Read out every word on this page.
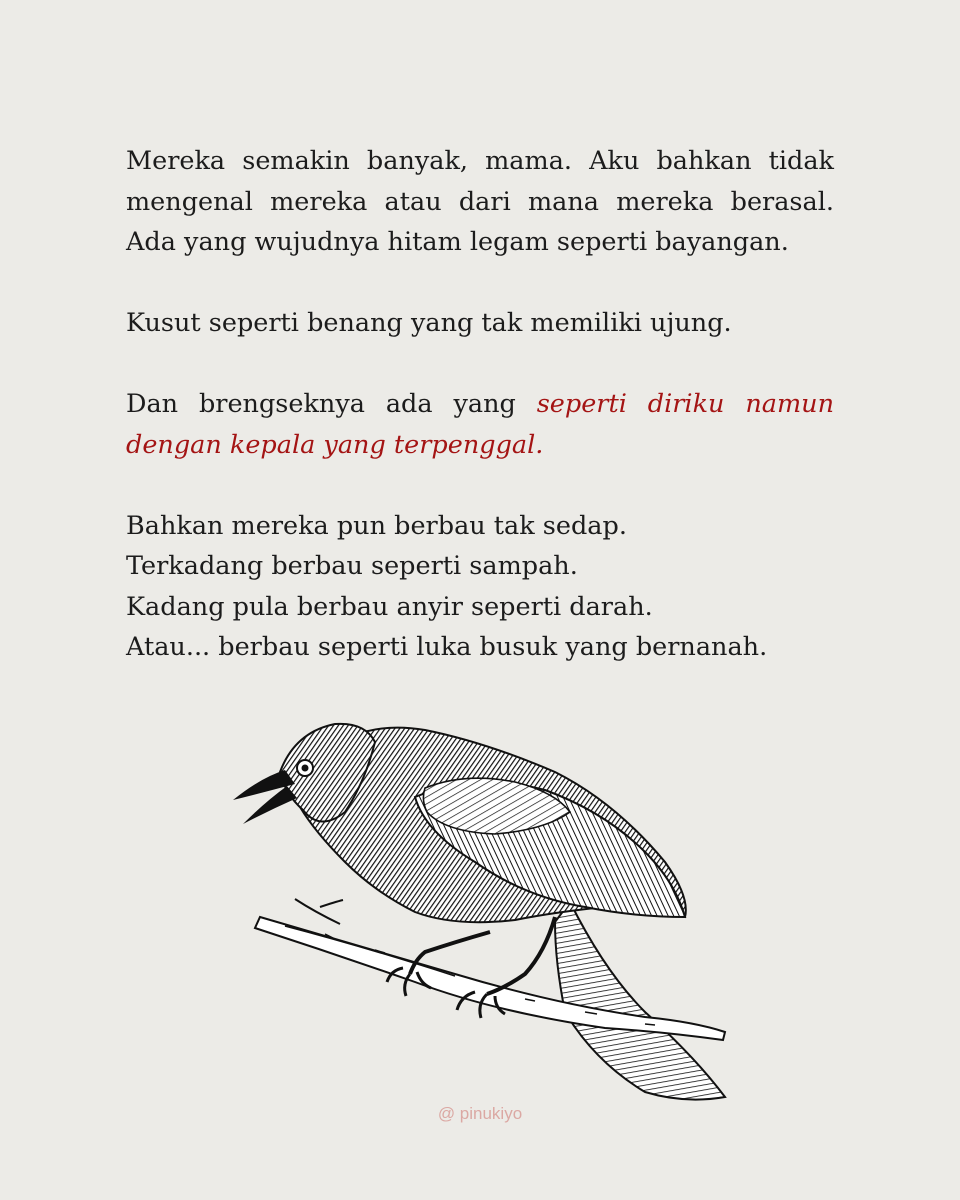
Mereka semakin banyak, mama. Aku bahkan tidak
mengenal mereka atau dari mana mereka berasal.
Ada yang wujudnya hitam legam seperti bayangan.

Kusut seperti benang yang tak memiliki ujung.

Dan brengseknya ada yang seperti diriku namun
dengan kepala yang terpenggal.

Bahkan mereka pun berbau tak sedap.
Terkadang berbau seperti sampah.
Kadang pula berbau anyir seperti darah.
Atau... berbau seperti luka busuk yang bernanah.

@ pinukiyo
